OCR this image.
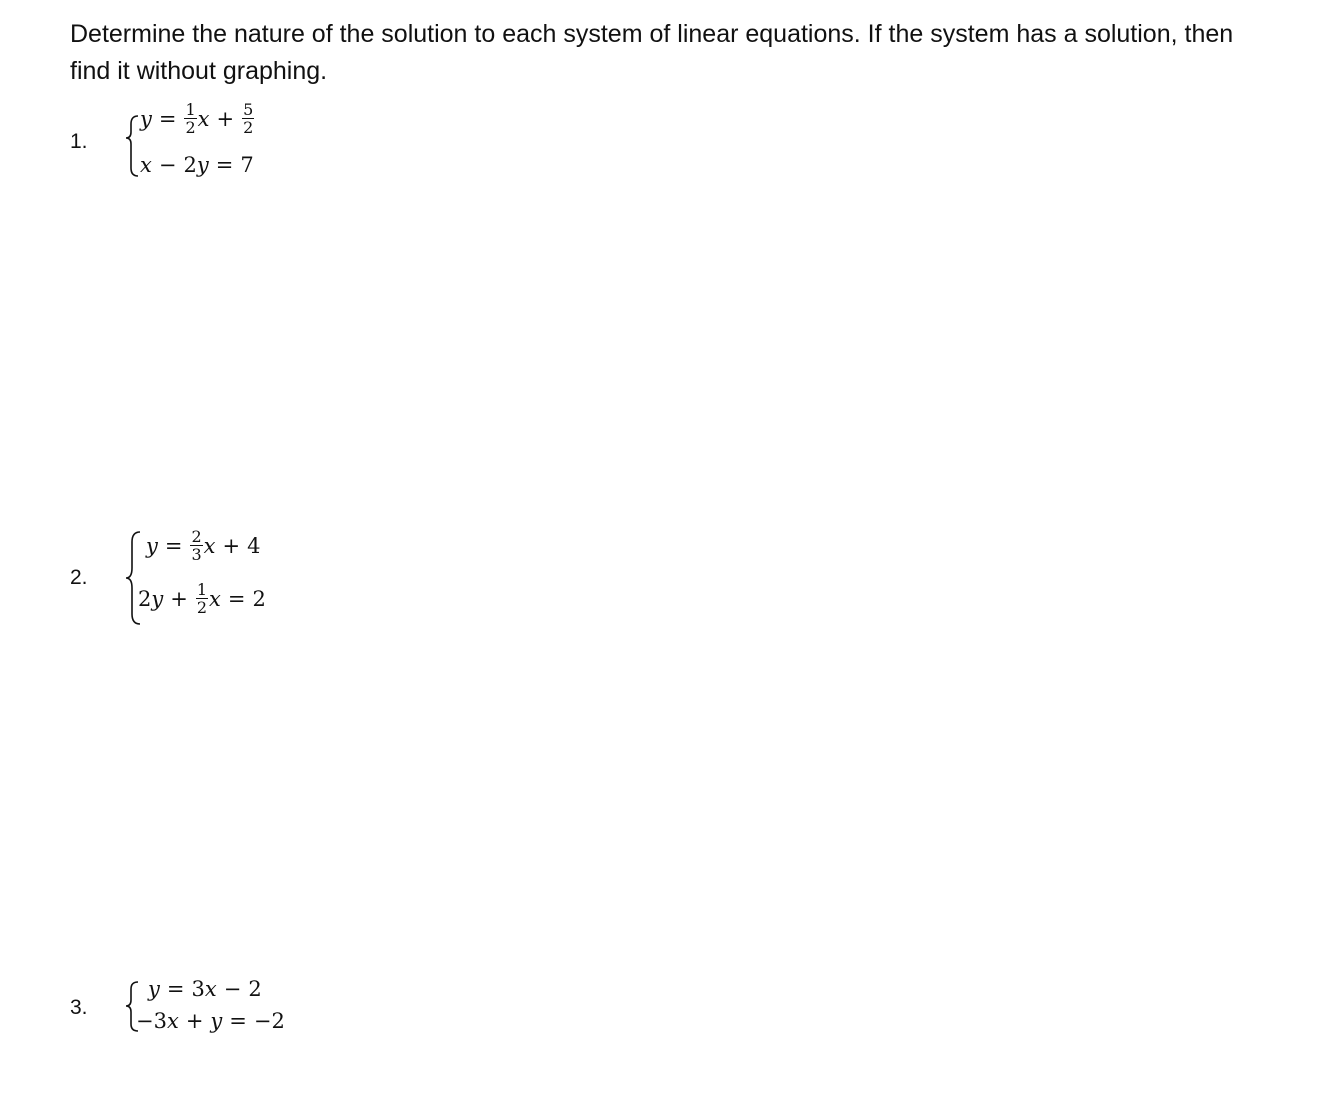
Determine the nature of the solution to each system of linear equations. If the system has a solution, then find it without graphing.
1.
$y = \frac{1}{2}$ $x + \frac{5}{2}$
x − 2 y = 7
2.
$y = \frac{2}{3}$ x + 4
2 $y + \frac{1}{2}$ x = 2
3.
y = 3 x − 2
−3 x + y = −2
